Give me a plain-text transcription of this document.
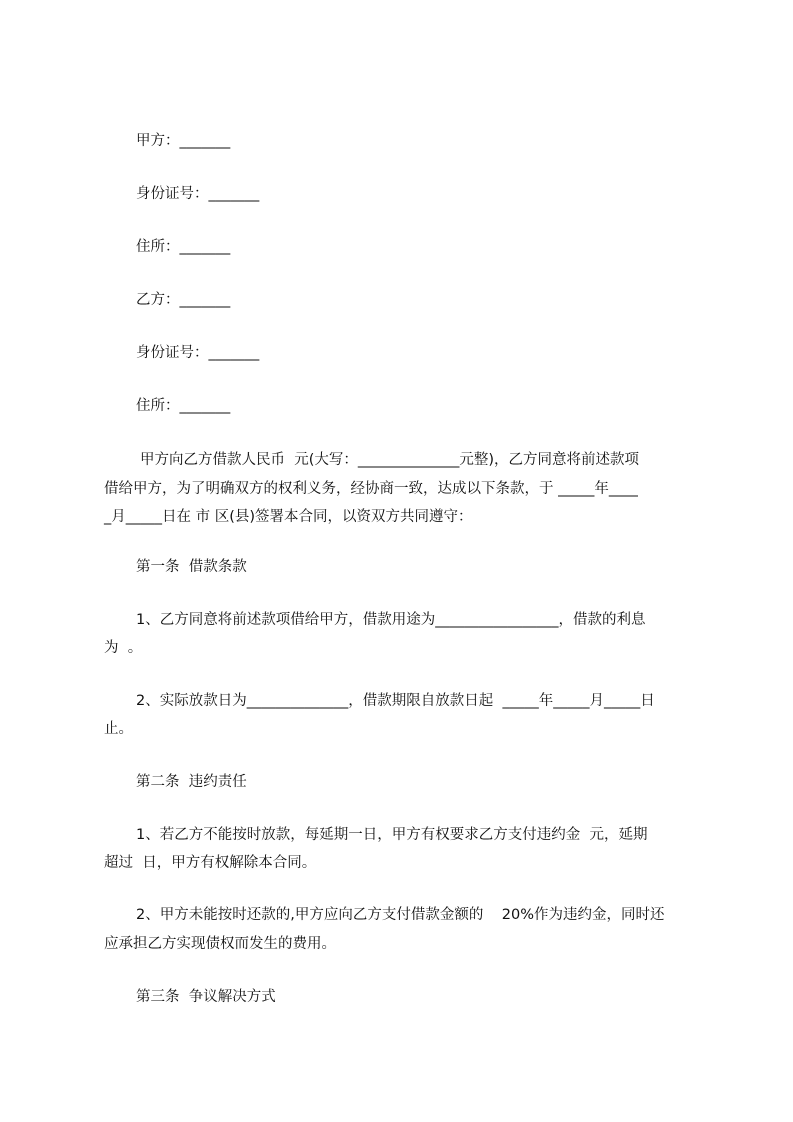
甲方：_______
身份证号：_______
住所：_______
乙方：_______
身份证号：_______
住所：_______
甲方向乙方借款人民币  元(大写：______________元整)，乙方同意将前述款项
借给甲方，为了明确双方的权利义务，经协商一致，达成以下条款，于 _____年____
_月_____日在 市 区(县)签署本合同，以资双方共同遵守：
第一条  借款条款
1、乙方同意将前述款项借给甲方，借款用途为_________________，借款的利息
为  。
2、实际放款日为______________，借款期限自放款日起  _____年_____月_____日
止。
第二条  违约责任
1、若乙方不能按时放款，每延期一日，甲方有权要求乙方支付违约金  元，延期
超过  日，甲方有权解除本合同。
2、甲方未能按时还款的,甲方应向乙方支付借款金额的    20%作为违约金，同时还
应承担乙方实现债权而发生的费用。
第三条  争议解决方式
